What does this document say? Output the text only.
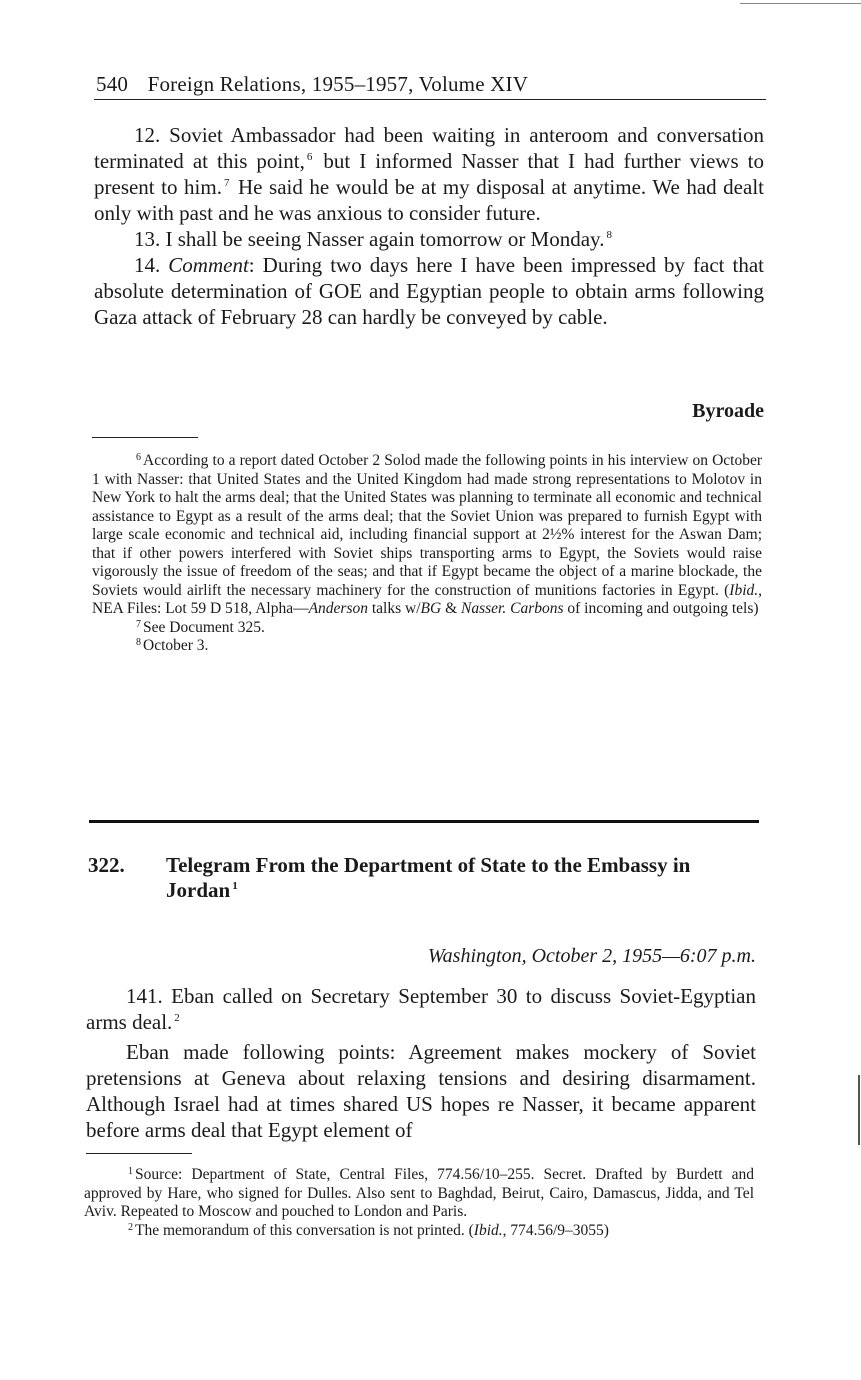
540 Foreign Relations, 1955–1957, Volume XIV

12. Soviet Ambassador had been waiting in anteroom and conversation terminated at this point, $^6$ but I informed Nasser that I had further views to present to him. $^7$ He said he would be at my disposal at anytime. We had dealt only with past and he was anxious to consider future.

13. I shall be seeing Nasser again tomorrow or Monday. $^8$

14. Comment: During two days here I have been impressed by fact that absolute determination of GOE and Egyptian people to obtain arms following Gaza attack of February 28 can hardly be conveyed by cable.

Byroade

$^6$ According to a report dated October 2 Solod made the following points in his interview on October 1 with Nasser: that United States and the United Kingdom had made strong representations to Molotov in New York to halt the arms deal; that the United States was planning to terminate all economic and technical assistance to Egypt as a result of the arms deal; that the Soviet Union was prepared to furnish Egypt with large scale economic and technical aid, including financial support at 2½% interest for the Aswan Dam; that if other powers interfered with Soviet ships transporting arms to Egypt, the Soviets would raise vigorously the issue of freedom of the seas; and that if Egypt became the object of a marine blockade, the Soviets would airlift the necessary machinery for the construction of munitions factories in Egypt. (Ibid., NEA Files: Lot 59 D 518, Alpha—Anderson talks w/BG & Nasser. Carbons of incoming and outgoing tels)

$^7$ See Document 325.

$^8$ October 3.

322. Telegram From the Department of State to the Embassy in Jordan $^1$
Washington, October 2, 1955—6:07 p.m.

141. Eban called on Secretary September 30 to discuss Soviet-Egyptian arms deal. $^2$

Eban made following points: Agreement makes mockery of Soviet pretensions at Geneva about relaxing tensions and desiring disarmament. Although Israel had at times shared US hopes re Nasser, it became apparent before arms deal that Egypt element of

$^1$ Source: Department of State, Central Files, 774.56/10–255. Secret. Drafted by Burdett and approved by Hare, who signed for Dulles. Also sent to Baghdad, Beirut, Cairo, Damascus, Jidda, and Tel Aviv. Repeated to Moscow and pouched to London and Paris.

$^2$ The memorandum of this conversation is not printed. (Ibid., 774.56/9–3055)
